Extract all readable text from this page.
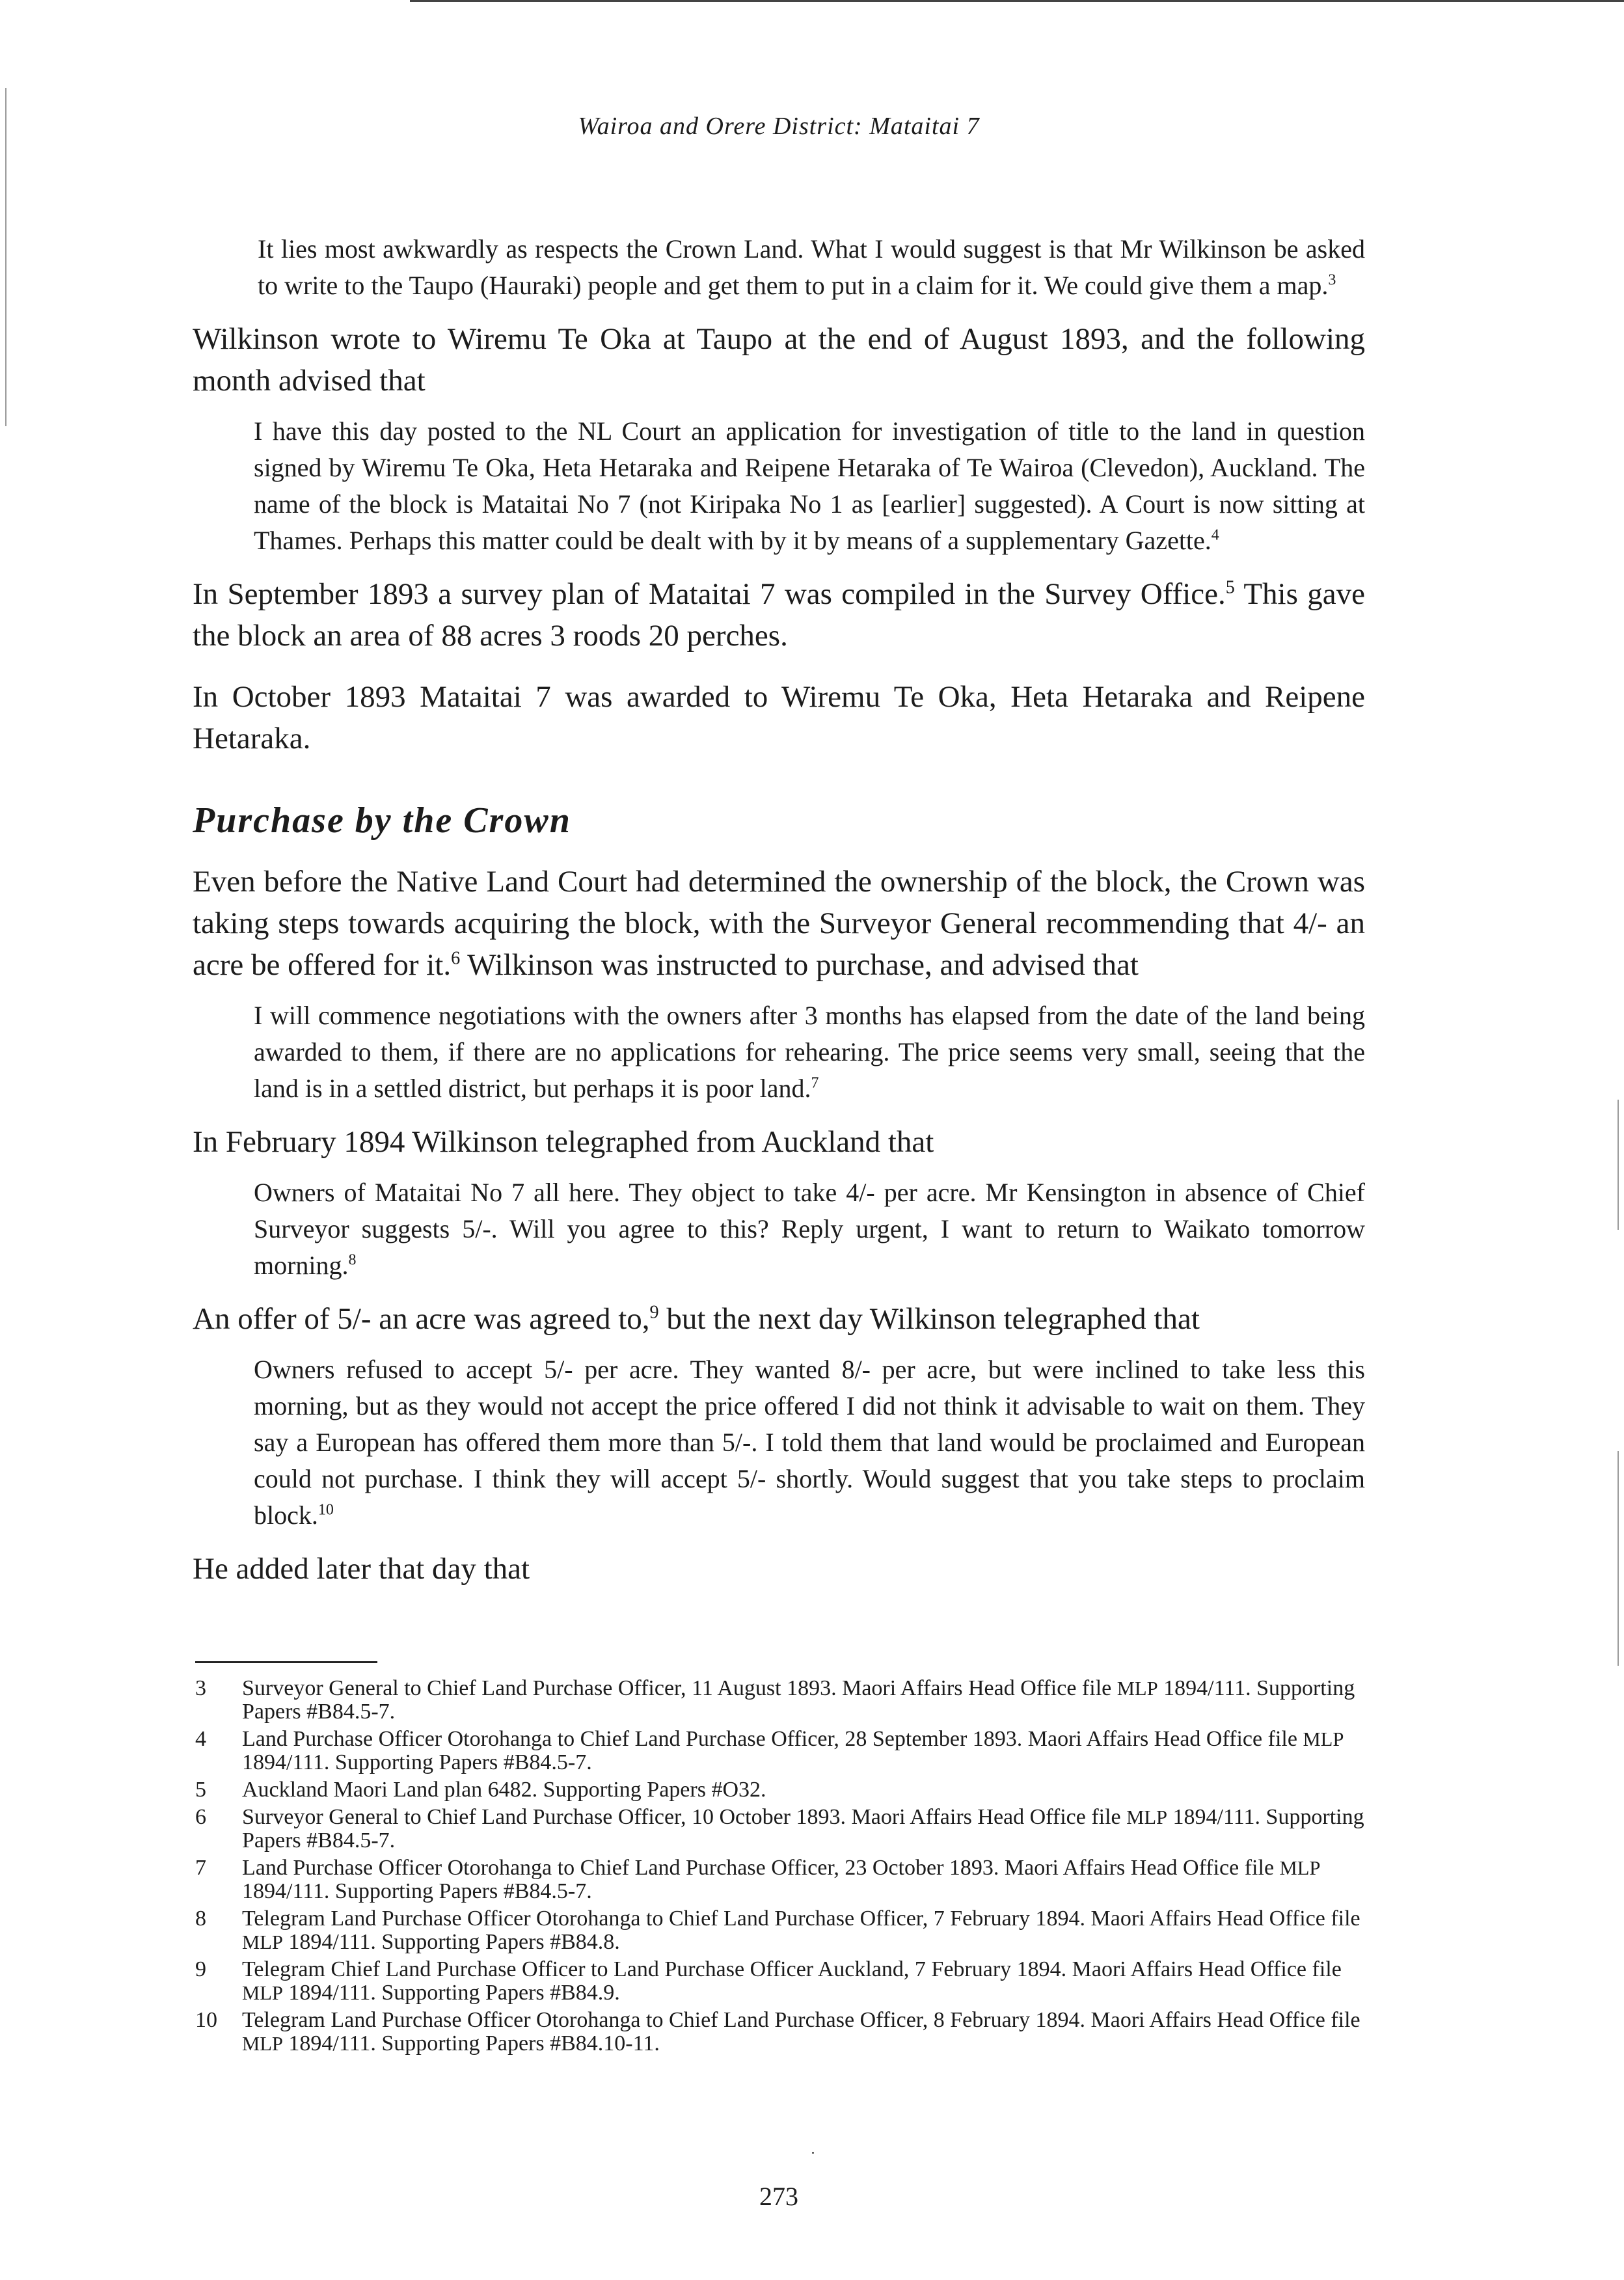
Wairoa and Orere District: Mataitai 7

It lies most awkwardly as respects the Crown Land. What I would suggest is that Mr Wilkinson be asked to write to the Taupo (Hauraki) people and get them to put in a claim for it. We could give them a map.$^3$

Wilkinson wrote to Wiremu Te Oka at Taupo at the end of August 1893, and the following month advised that

I have this day posted to the NL Court an application for investigation of title to the land in question signed by Wiremu Te Oka, Heta Hetaraka and Reipene Hetaraka of Te Wairoa (Clevedon), Auckland. The name of the block is Mataitai No 7 (not Kiripaka No 1 as [earlier] suggested). A Court is now sitting at Thames. Perhaps this matter could be dealt with by it by means of a supplementary Gazette.$^4$

In September 1893 a survey plan of Mataitai 7 was compiled in the Survey Office.$^5$ This gave the block an area of 88 acres 3 roods 20 perches.

In October 1893 Mataitai 7 was awarded to Wiremu Te Oka, Heta Hetaraka and Reipene Hetaraka.

Purchase by the Crown

Even before the Native Land Court had determined the ownership of the block, the Crown was taking steps towards acquiring the block, with the Surveyor General recommending that 4/- an acre be offered for it.$^6$ Wilkinson was instructed to purchase, and advised that

I will commence negotiations with the owners after 3 months has elapsed from the date of the land being awarded to them, if there are no applications for rehearing. The price seems very small, seeing that the land is in a settled district, but perhaps it is poor land.$^7$

In February 1894 Wilkinson telegraphed from Auckland that

Owners of Mataitai No 7 all here. They object to take 4/- per acre. Mr Kensington in absence of Chief Surveyor suggests 5/-. Will you agree to this? Reply urgent, I want to return to Waikato tomorrow morning.$^8$

An offer of 5/- an acre was agreed to,$^9$ but the next day Wilkinson telegraphed that

Owners refused to accept 5/- per acre. They wanted 8/- per acre, but were inclined to take less this morning, but as they would not accept the price offered I did not think it advisable to wait on them. They say a European has offered them more than 5/-. I told them that land would be proclaimed and European could not purchase. I think they will accept 5/- shortly. Would suggest that you take steps to proclaim block.$^{10}$

He added later that day that

3 Surveyor General to Chief Land Purchase Officer, 11 August 1893. Maori Affairs Head Office file MLP 1894/111. Supporting Papers #B84.5-7.
4 Land Purchase Officer Otorohanga to Chief Land Purchase Officer, 28 September 1893. Maori Affairs Head Office file MLP 1894/111. Supporting Papers #B84.5-7.
5 Auckland Maori Land plan 6482. Supporting Papers #O32.
6 Surveyor General to Chief Land Purchase Officer, 10 October 1893. Maori Affairs Head Office file MLP 1894/111. Supporting Papers #B84.5-7.
7 Land Purchase Officer Otorohanga to Chief Land Purchase Officer, 23 October 1893. Maori Affairs Head Office file MLP 1894/111. Supporting Papers #B84.5-7.
8 Telegram Land Purchase Officer Otorohanga to Chief Land Purchase Officer, 7 February 1894. Maori Affairs Head Office file MLP 1894/111. Supporting Papers #B84.8.
9 Telegram Chief Land Purchase Officer to Land Purchase Officer Auckland, 7 February 1894. Maori Affairs Head Office file MLP 1894/111. Supporting Papers #B84.9.
10 Telegram Land Purchase Officer Otorohanga to Chief Land Purchase Officer, 8 February 1894. Maori Affairs Head Office file MLP 1894/111. Supporting Papers #B84.10-11.

273
